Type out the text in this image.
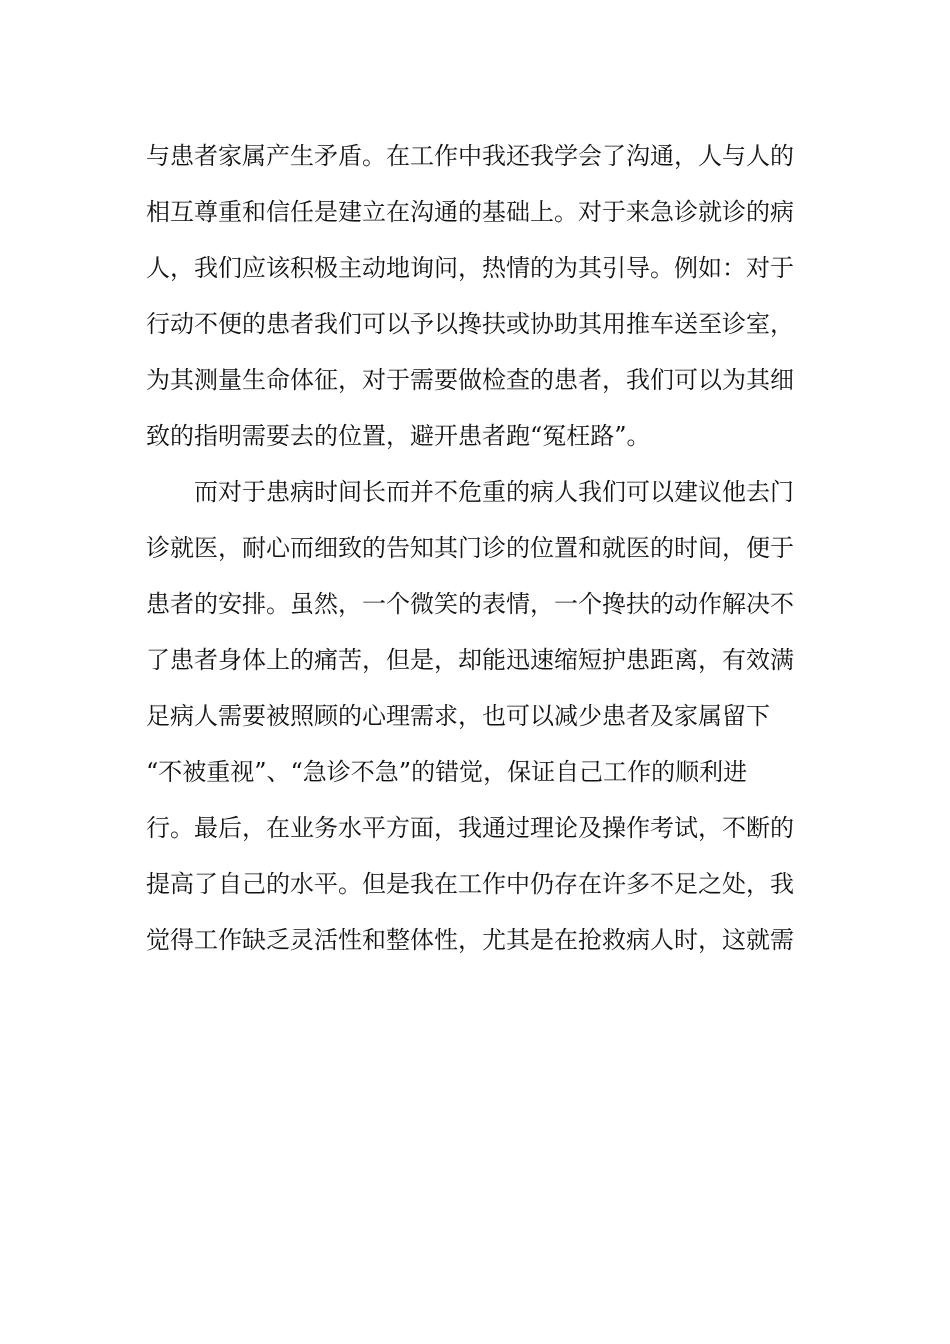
与患者家属产生矛盾。在工作中我还我学会了沟通，人与人的
相互尊重和信任是建立在沟通的基础上。对于来急诊就诊的病
人，我们应该积极主动地询问，热情的为其引导。例如：对于
行动不便的患者我们可以予以搀扶或协助其用推车送至诊室，
为其测量生命体征，对于需要做检查的患者，我们可以为其细
致的指明需要去的位置，避开患者跑“冤枉路”。
而对于患病时间长而并不危重的病人我们可以建议他去门
诊就医，耐心而细致的告知其门诊的位置和就医的时间，便于
患者的安排。虽然，一个微笑的表情，一个搀扶的动作解决不
了患者身体上的痛苦，但是，却能迅速缩短护患距离，有效满
足病人需要被照顾的心理需求，也可以减少患者及家属留下
“不被重视”、“急诊不急”的错觉，保证自己工作的顺利进
行。最后，在业务水平方面，我通过理论及操作考试，不断的
提高了自己的水平。但是我在工作中仍存在许多不足之处，我
觉得工作缺乏灵活性和整体性，尤其是在抢救病人时，这就需
